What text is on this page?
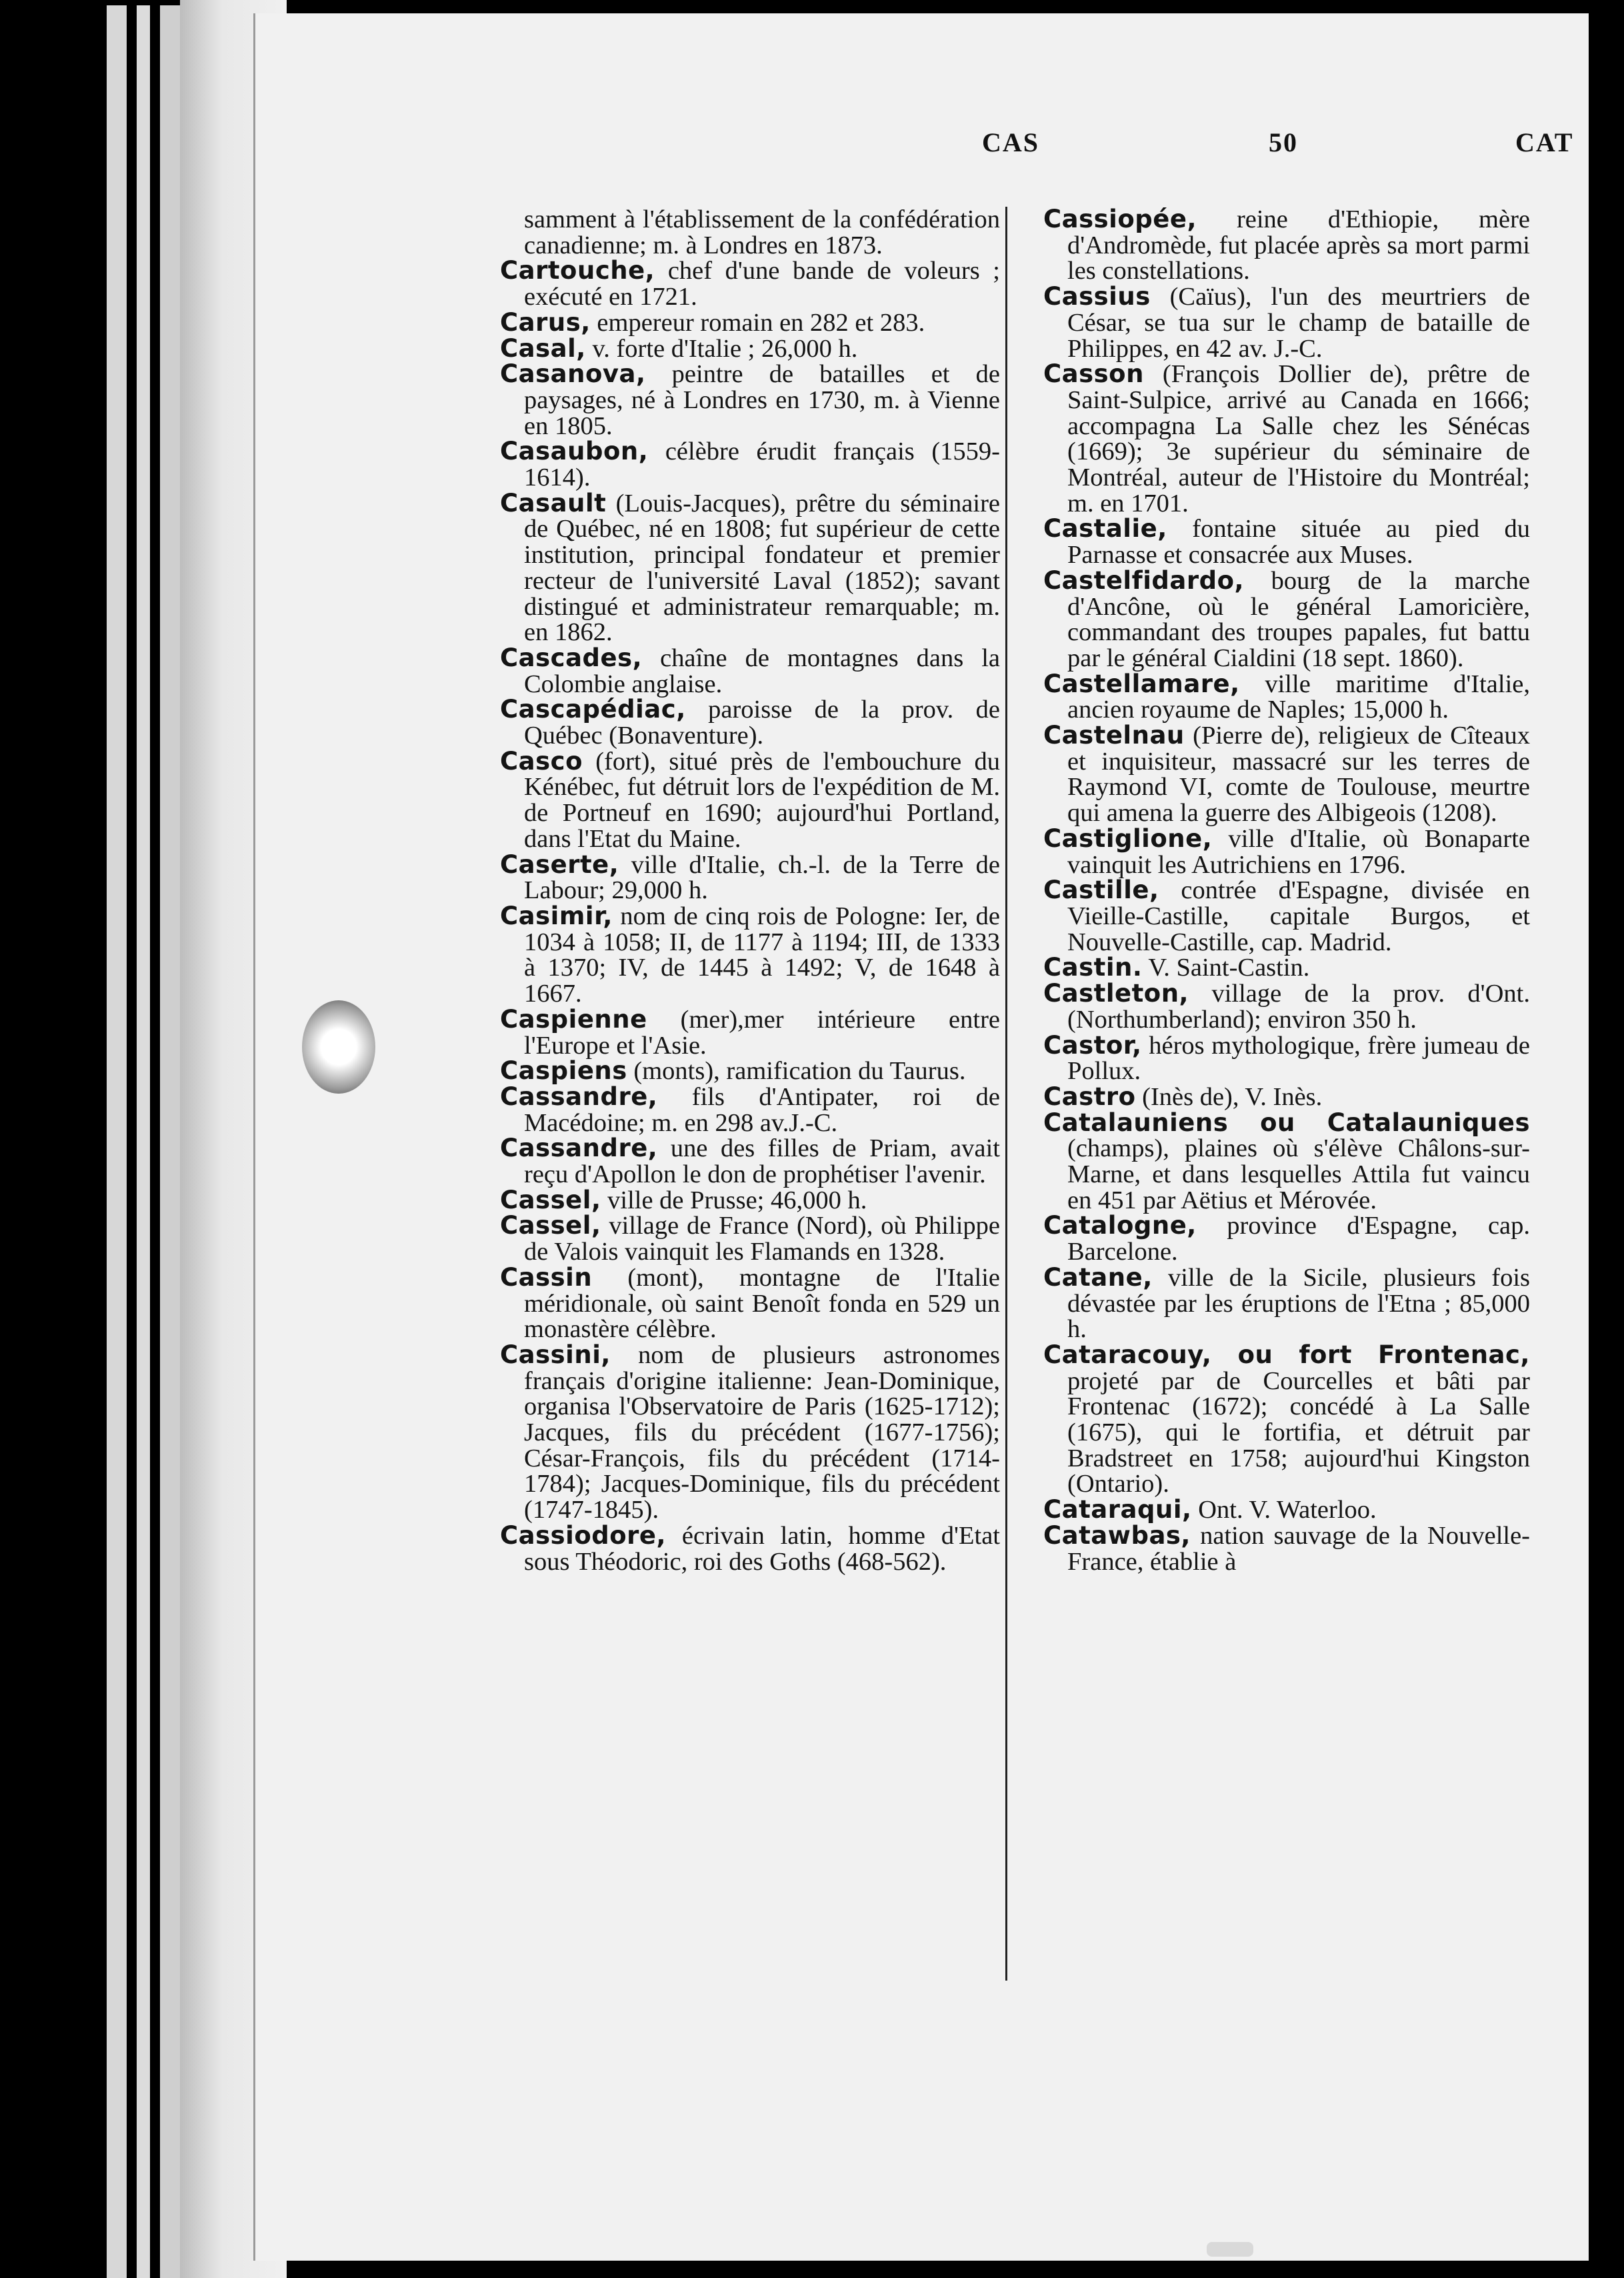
CAS	50	CAT

samment à l'établissement de la confédération canadienne; m. à Londres en 1873.

Cartouche, chef d'une bande de voleurs ; exécuté en 1721.

Carus, empereur romain en 282 et 283.

Casal, v. forte d'Italie ; 26,000 h.

Casanova, peintre de batailles et de paysages, né à Londres en 1730, m. à Vienne en 1805.

Casaubon, célèbre érudit français (1559-1614).

Casault (Louis-Jacques), prêtre du séminaire de Québec, né en 1808; fut supérieur de cette institution, principal fondateur et premier recteur de l'université Laval (1852); savant distingué et administrateur remarquable; m. en 1862.

Cascades, chaîne de montagnes dans la Colombie anglaise.

Cascapédiac, paroisse de la prov. de Québec (Bonaventure).

Casco (fort), situé près de l'embouchure du Kénébec, fut détruit lors de l'expédition de M. de Portneuf en 1690; aujourd'hui Portland, dans l'Etat du Maine.

Caserte, ville d'Italie, ch.-l. de la Terre de Labour; 29,000 h.

Casimir, nom de cinq rois de Pologne: Ier, de 1034 à 1058; II, de 1177 à 1194; III, de 1333 à 1370; IV, de 1445 à 1492; V, de 1648 à 1667.

Caspienne (mer),mer intérieure entre l'Europe et l'Asie.

Caspiens (monts), ramification du Taurus.

Cassandre, fils d'Antipater, roi de Macédoine; m. en 298 av.J.-C.

Cassandre, une des filles de Priam, avait reçu d'Apollon le don de prophétiser l'avenir.

Cassel, ville de Prusse; 46,000 h.

Cassel, village de France (Nord), où Philippe de Valois vainquit les Flamands en 1328.

Cassin (mont), montagne de l'Italie méridionale, où saint Benoît fonda en 529 un monastère célèbre.

Cassini, nom de plusieurs astronomes français d'origine italienne: Jean-Dominique, organisa l'Observatoire de Paris (1625-1712); Jacques, fils du précédent (1677-1756); César-François, fils du précédent (1714-1784); Jacques-Dominique, fils du précédent (1747-1845).

Cassiodore, écrivain latin, homme d'Etat sous Théodoric, roi des Goths (468-562).

Cassiopée, reine d'Ethiopie, mère d'Andromède, fut placée après sa mort parmi les constellations.

Cassius (Caïus), l'un des meurtriers de César, se tua sur le champ de bataille de Philippes, en 42 av. J.-C.

Casson (François Dollier de), prêtre de Saint-Sulpice, arrivé au Canada en 1666; accompagna La Salle chez les Sénécas (1669); 3e supérieur du séminaire de Montréal, auteur de l'Histoire du Montréal; m. en 1701.

Castalie, fontaine située au pied du Parnasse et consacrée aux Muses.

Castelfidardo, bourg de la marche d'Ancône, où le général Lamoricière, commandant des troupes papales, fut battu par le général Cialdini (18 sept. 1860).

Castellamare, ville maritime d'Italie, ancien royaume de Naples; 15,000 h.

Castelnau (Pierre de), religieux de Cîteaux et inquisiteur, massacré sur les terres de Raymond VI, comte de Toulouse, meurtre qui amena la guerre des Albigeois (1208).

Castiglione, ville d'Italie, où Bonaparte vainquit les Autrichiens en 1796.

Castille, contrée d'Espagne, divisée en Vieille-Castille, capitale Burgos, et Nouvelle-Castille, cap. Madrid.

Castin. V. Saint-Castin.

Castleton, village de la prov. d'Ont. (Northumberland); environ 350 h.

Castor, héros mythologique, frère jumeau de Pollux.

Castro (Inès de), V. Inès.

Catalauniens ou Catalauniques (champs), plaines où s'élève Châlons-sur-Marne, et dans lesquelles Attila fut vaincu en 451 par Aëtius et Mérovée.

Catalogne, province d'Espagne, cap. Barcelone.

Catane, ville de la Sicile, plusieurs fois dévastée par les éruptions de l'Etna ; 85,000 h.

Cataracouy, ou fort Frontenac, projeté par de Courcelles et bâti par Frontenac (1672); concédé à La Salle (1675), qui le fortifia, et détruit par Bradstreet en 1758; aujourd'hui Kingston (Ontario).

Cataraqui, Ont. V. Waterloo.

Catawbas, nation sauvage de la Nouvelle-France, établie à
